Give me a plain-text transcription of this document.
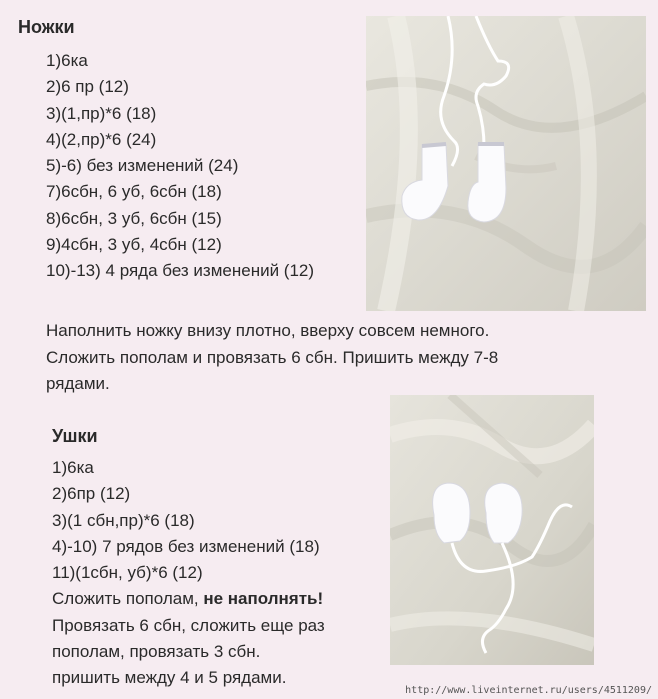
Ножки
1)6ка
2)6 пр (12)
3)(1,пр)*6 (18)
4)(2,пр)*6 (24)
5)-6) без изменений (24)
7)6сбн, 6 уб, 6сбн (18)
8)6сбн, 3 уб, 6сбн (15)
9)4сбн, 3 уб, 4сбн (12)
10)-13) 4 ряда без изменений (12)

Наполнить ножку внизу плотно, вверху совсем немного.
Сложить пополам и провязать 6 сбн. Пришить между 7-8
рядами.

Ушки
1)6ка
2)6пр (12)
3)(1 сбн,пр)*6 (18)
4)-10) 7 рядов без изменений (18)
11)(1сбн, уб)*6 (12)
Сложить пополам, не наполнять!
Провязать 6 сбн, сложить еще раз
пополам, провязать 3 сбн.
пришить между 4 и 5 рядами.
http://www.liveinternet.ru/users/4511209/
